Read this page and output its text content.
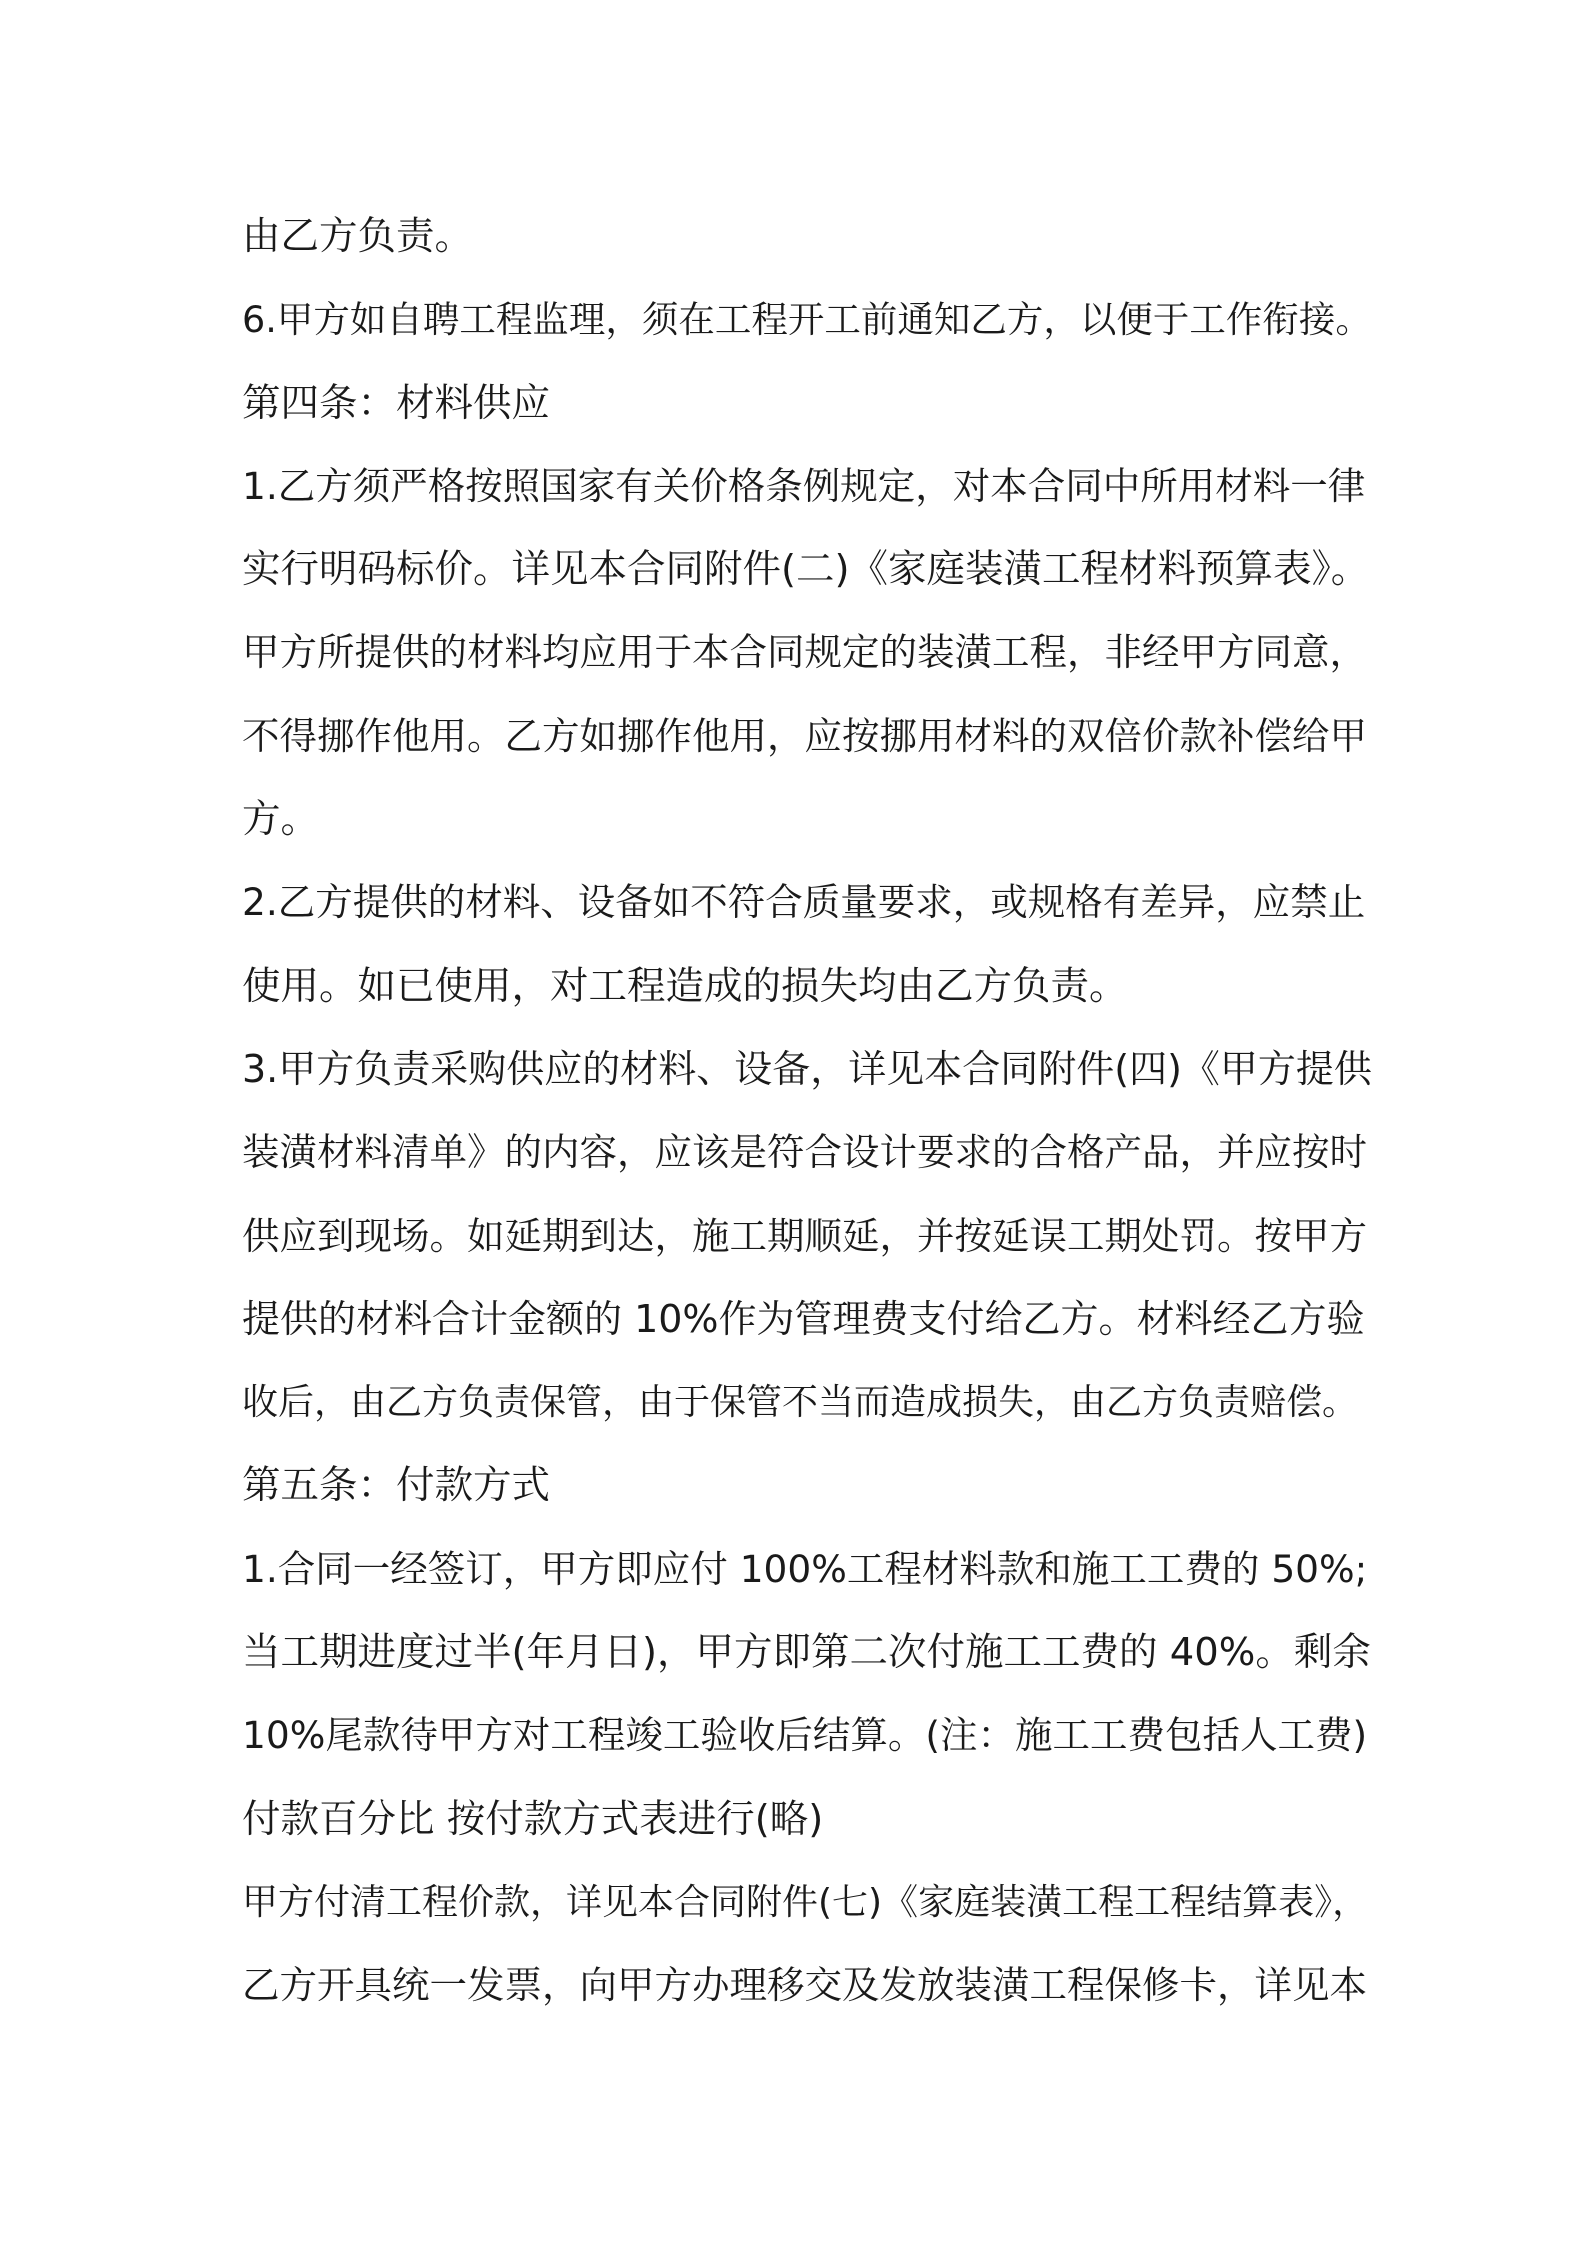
由乙方负责。
6.甲方如自聘工程监理，须在工程开工前通知乙方，以便于工作衔接。
第四条：材料供应
1.乙方须严格按照国家有关价格条例规定，对本合同中所用材料一律
实行明码标价。详见本合同附件(二)《家庭装潢工程材料预算表》。
甲方所提供的材料均应用于本合同规定的装潢工程，非经甲方同意，
不得挪作他用。乙方如挪作他用，应按挪用材料的双倍价款补偿给甲
方。
2.乙方提供的材料、设备如不符合质量要求，或规格有差异，应禁止
使用。如已使用，对工程造成的损失均由乙方负责。
3.甲方负责采购供应的材料、设备，详见本合同附件(四)《甲方提供
装潢材料清单》的内容，应该是符合设计要求的合格产品，并应按时
供应到现场。如延期到达，施工期顺延，并按延误工期处罚。按甲方
提供的材料合计金额的 10%作为管理费支付给乙方。材料经乙方验
收后，由乙方负责保管，由于保管不当而造成损失，由乙方负责赔偿。
第五条：付款方式
1.合同一经签订，甲方即应付 100%工程材料款和施工工费的 50%;
当工期进度过半(年月日)，甲方即第二次付施工工费的 40%。剩余
10%尾款待甲方对工程竣工验收后结算。(注：施工工费包括人工费)
付款百分比 按付款方式表进行(略)
甲方付清工程价款，详见本合同附件(七)《家庭装潢工程工程结算表》，
乙方开具统一发票，向甲方办理移交及发放装潢工程保修卡，详见本
